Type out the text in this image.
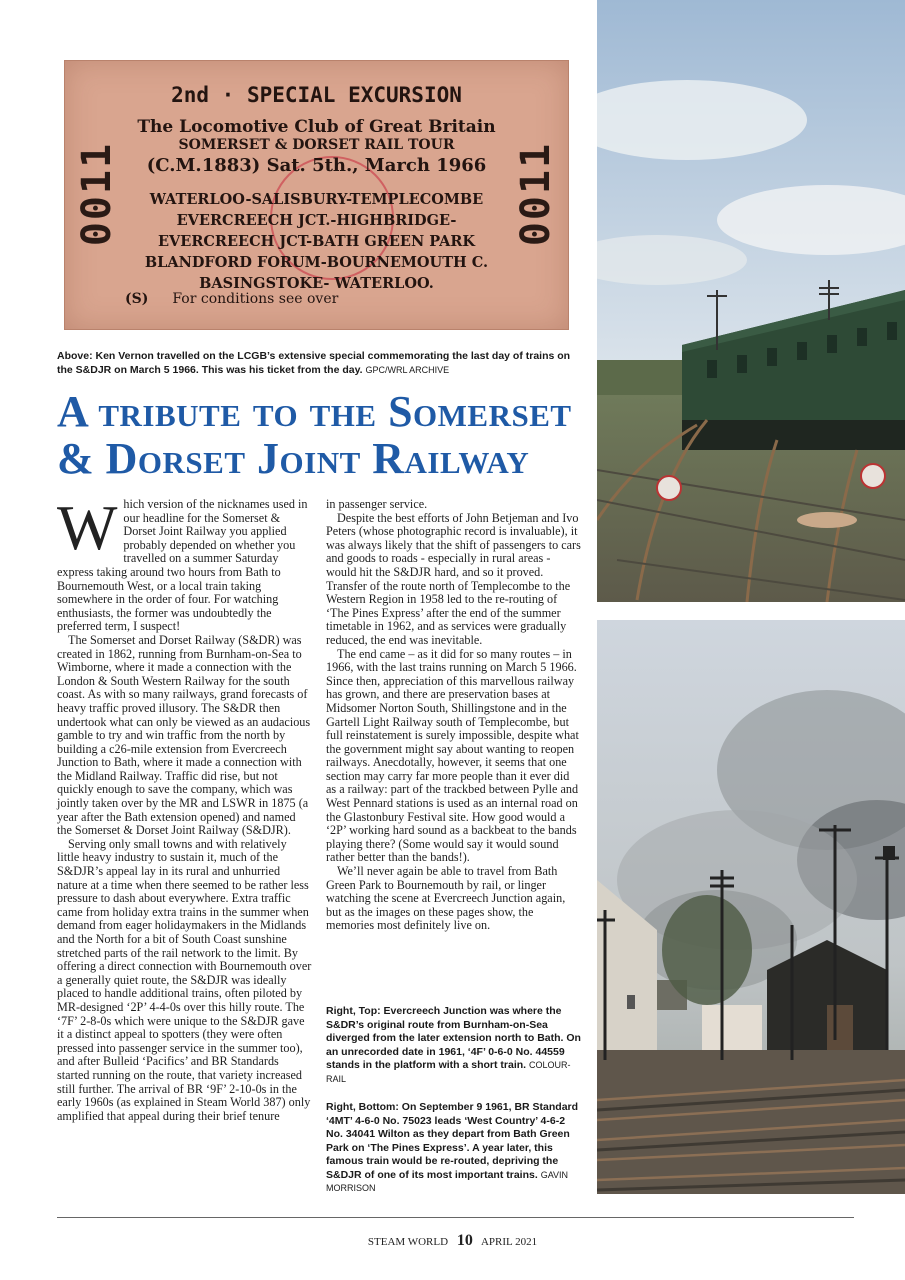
0011	0011
2nd · SPECIAL EXCURSION
The Locomotive Club of Great Britain
SOMERSET & DORSET RAIL TOUR
(C.M.1883) Sat. 5th., March 1966
WATERLOO-SALISBURY-TEMPLECOMBE
EVERCREECH JCT.-HIGHBRIDGE-
EVERCREECH JCT-BATH GREEN PARK
BLANDFORD FORUM-BOURNEMOUTH C.
BASINGSTOKE- WATERLOO.
(S) For conditions see over
Above: Ken Vernon travelled on the LCGB’s extensive special commemorating the last day of trains on the S&DJR on March 5 1966. This was his ticket from the day. GPC/WRL ARCHIVE
A tribute to the Somerset & Dorset Joint Railway

Which version of the nicknames used in our headline for the Somerset & Dorset Joint Railway you applied probably depended on whether you travelled on a summer Saturday express taking around two hours from Bath to Bournemouth West, or a local train taking somewhere in the order of four. For watching enthusiasts, the former was undoubtedly the preferred term, I suspect!

The Somerset and Dorset Railway (S&DR) was created in 1862, running from Burnham-on-Sea to Wimborne, where it made a connection with the London & South Western Railway for the south coast. As with so many railways, grand forecasts of heavy traffic proved illusory. The S&DR then undertook what can only be viewed as an audacious gamble to try and win traffic from the north by building a c26-mile extension from Evercreech Junction to Bath, where it made a connection with the Midland Railway. Traffic did rise, but not quickly enough to save the company, which was jointly taken over by the MR and LSWR in 1875 (a year after the Bath extension opened) and named the Somerset & Dorset Joint Railway (S&DJR).

Serving only small towns and with relatively little heavy industry to sustain it, much of the S&DJR’s appeal lay in its rural and unhurried nature at a time when there seemed to be rather less pressure to dash about everywhere. Extra traffic came from holiday extra trains in the summer when demand from eager holidaymakers in the Midlands and the North for a bit of South Coast sunshine stretched parts of the rail network to the limit. By offering a direct connection with Bournemouth over a generally quiet route, the S&DJR was ideally placed to handle additional trains, often piloted by MR-designed ‘2P’ 4-4-0s over this hilly route. The ‘7F’ 2-8-0s which were unique to the S&DJR gave it a distinct appeal to spotters (they were often pressed into passenger service in the summer too), and after Bulleid ‘Pacifics’ and BR Standards started running on the route, that variety increased still further. The arrival of BR ‘9F’ 2-10-0s in the early 1960s (as explained in Steam World 387) only amplified that appeal during their brief tenure

in passenger service.

Despite the best efforts of John Betjeman and Ivo Peters (whose photographic record is invaluable), it was always likely that the shift of passengers to cars and goods to roads - especially in rural areas - would hit the S&DJR hard, and so it proved. Transfer of the route north of Templecombe to the Western Region in 1958 led to the re-routing of ‘The Pines Express’ after the end of the summer timetable in 1962, and as services were gradually reduced, the end was inevitable.

The end came – as it did for so many routes – in 1966, with the last trains running on March 5 1966. Since then, appreciation of this marvellous railway has grown, and there are preservation bases at Midsomer Norton South, Shillingstone and in the Gartell Light Railway south of Templecombe, but full reinstatement is surely impossible, despite what the government might say about wanting to reopen railways. Anecdotally, however, it seems that one section may carry far more people than it ever did as a railway: part of the trackbed between Pylle and West Pennard stations is used as an internal road on the Glastonbury Festival site. How good would a ‘2P’ working hard sound as a backbeat to the bands playing there? (Some would say it would sound rather better than the bands!).

We’ll never again be able to travel from Bath Green Park to Bournemouth by rail, or linger watching the scene at Evercreech Junction again, but as the images on these pages show, the memories most definitely live on.

Right, Top: Evercreech Junction was where the S&DR’s original route from Burnham-on-Sea diverged from the later extension north to Bath. On an unrecorded date in 1961, ‘4F’ 0-6-0 No. 44559 stands in the platform with a short train. COLOUR-RAIL
Right, Bottom: On September 9 1961, BR Standard ‘4MT’ 4-6-0 No. 75023 leads ‘West Country’ 4-6-2 No. 34041 Wilton as they depart from Bath Green Park on ‘The Pines Express’. A year later, this famous train would be re-routed, depriving the S&DJR of one of its most important trains. GAVIN MORRISON
STEAM WORLD 10 APRIL 2021
